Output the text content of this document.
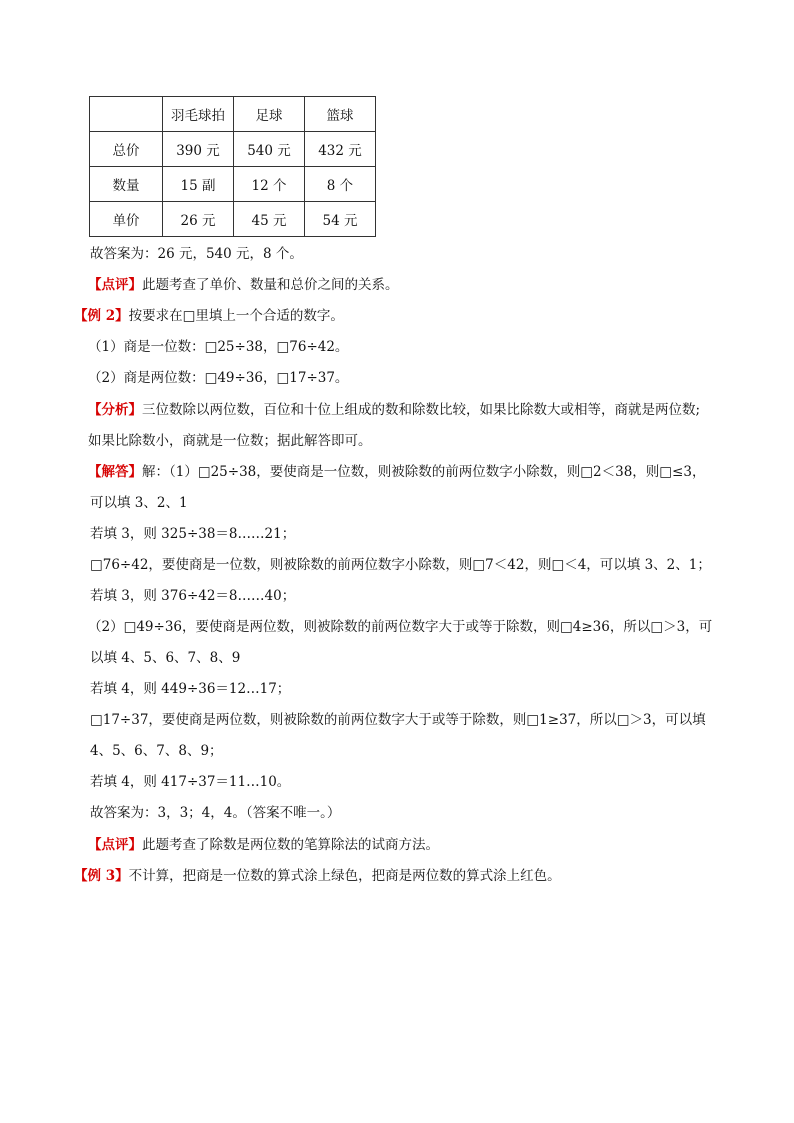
	羽毛球拍	足球	篮球
总价	390 元	540 元	432 元
数量	15 副	12 个	8 个
单价	26 元	45 元	54 元
故答案为：26 元，540 元，8 个。
【点评】此题考查了单价、数量和总价之间的关系。
【例 2】按要求在□里填上一个合适的数字。
（1）商是一位数：□25÷38，□76÷42。
（2）商是两位数：□49÷36，□17÷37。
【分析】三位数除以两位数，百位和十位上组成的数和除数比较，如果比除数大或相等，商就是两位数;
如果比除数小，商就是一位数；据此解答即可。
【解答】解：（1）□25÷38，要使商是一位数，则被除数的前两位数字小除数，则□2＜38，则□≤3，
可以填 3、2、1
若填 3，则 325÷38＝8……21；
□76÷42，要使商是一位数，则被除数的前两位数字小除数，则□7＜42，则□＜4，可以填 3、2、1；
若填 3，则 376÷42＝8……40；
（2）□49÷36，要使商是两位数，则被除数的前两位数字大于或等于除数，则□4≥36，所以□＞3，可
以填 4、5、6、7、8、9
若填 4，则 449÷36＝12…17；
□17÷37，要使商是两位数，则被除数的前两位数字大于或等于除数，则□1≥37，所以□＞3，可以填
4、5、6、7、8、9；
若填 4，则 417÷37＝11…10。
故答案为：3，3；4，4。（答案不唯一。）
【点评】此题考查了除数是两位数的笔算除法的试商方法。
【例 3】不计算，把商是一位数的算式涂上绿色，把商是两位数的算式涂上红色。
